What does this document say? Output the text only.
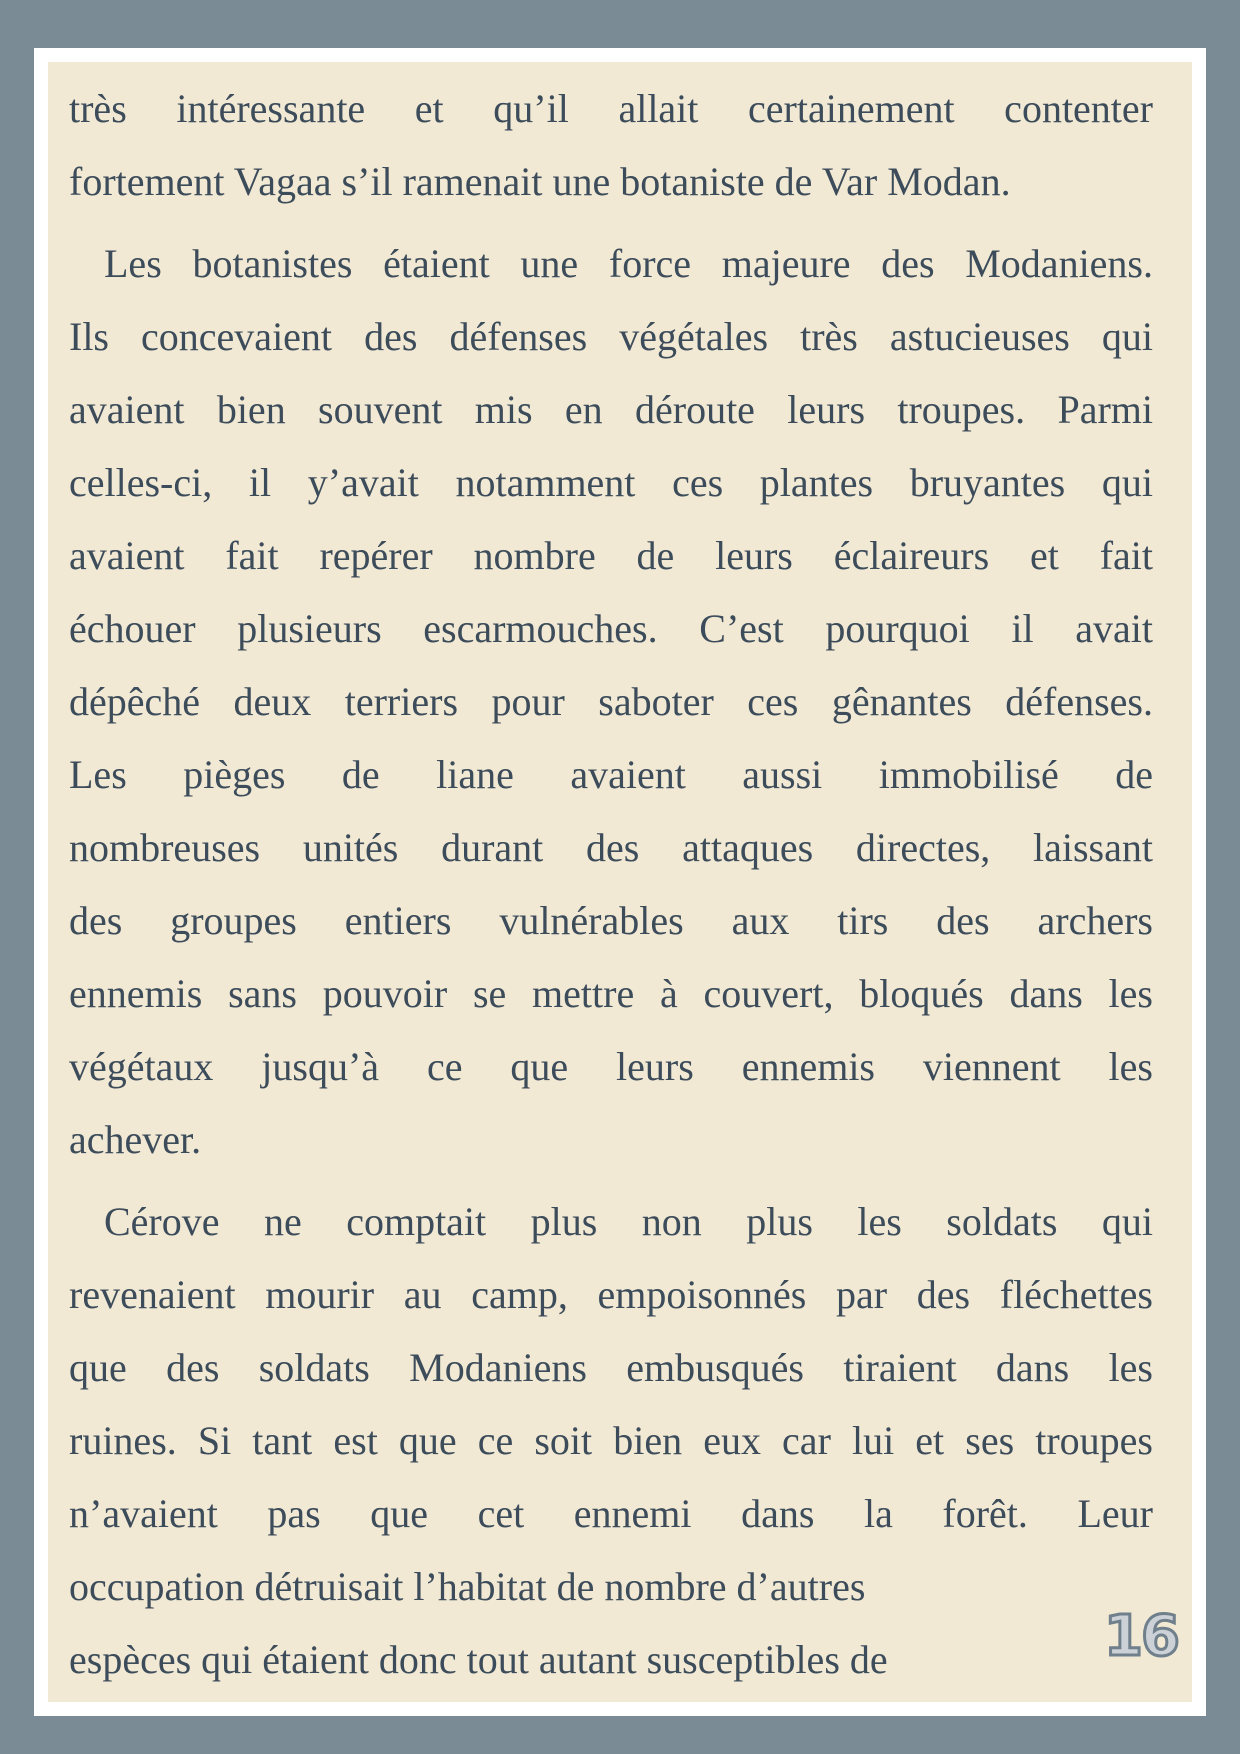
très intéressante et qu’il allait certainement contenter
fortement Vagaa s’il ramenait une botaniste de Var Modan.
Les botanistes étaient une force majeure des Modaniens.
Ils concevaient des défenses végétales très astucieuses qui
avaient bien souvent mis en déroute leurs troupes. Parmi
celles-ci, il y’avait notamment ces plantes bruyantes qui
avaient fait repérer nombre de leurs éclaireurs et fait
échouer plusieurs escarmouches. C’est pourquoi il avait
dépêché deux terriers pour saboter ces gênantes défenses.
Les pièges de liane avaient aussi immobilisé de
nombreuses unités durant des attaques directes, laissant
des groupes entiers vulnérables aux tirs des archers
ennemis sans pouvoir se mettre à couvert, bloqués dans les
végétaux jusqu’à ce que leurs ennemis viennent les
achever.
Cérove ne comptait plus non plus les soldats qui
revenaient mourir au camp, empoisonnés par des fléchettes
que des soldats Modaniens embusqués tiraient dans les
ruines. Si tant est que ce soit bien eux car lui et ses troupes
n’avaient pas que cet ennemi dans la forêt. Leur
occupation détruisait l’habitat de nombre d’autres
espèces qui étaient donc tout autant susceptibles de	16
